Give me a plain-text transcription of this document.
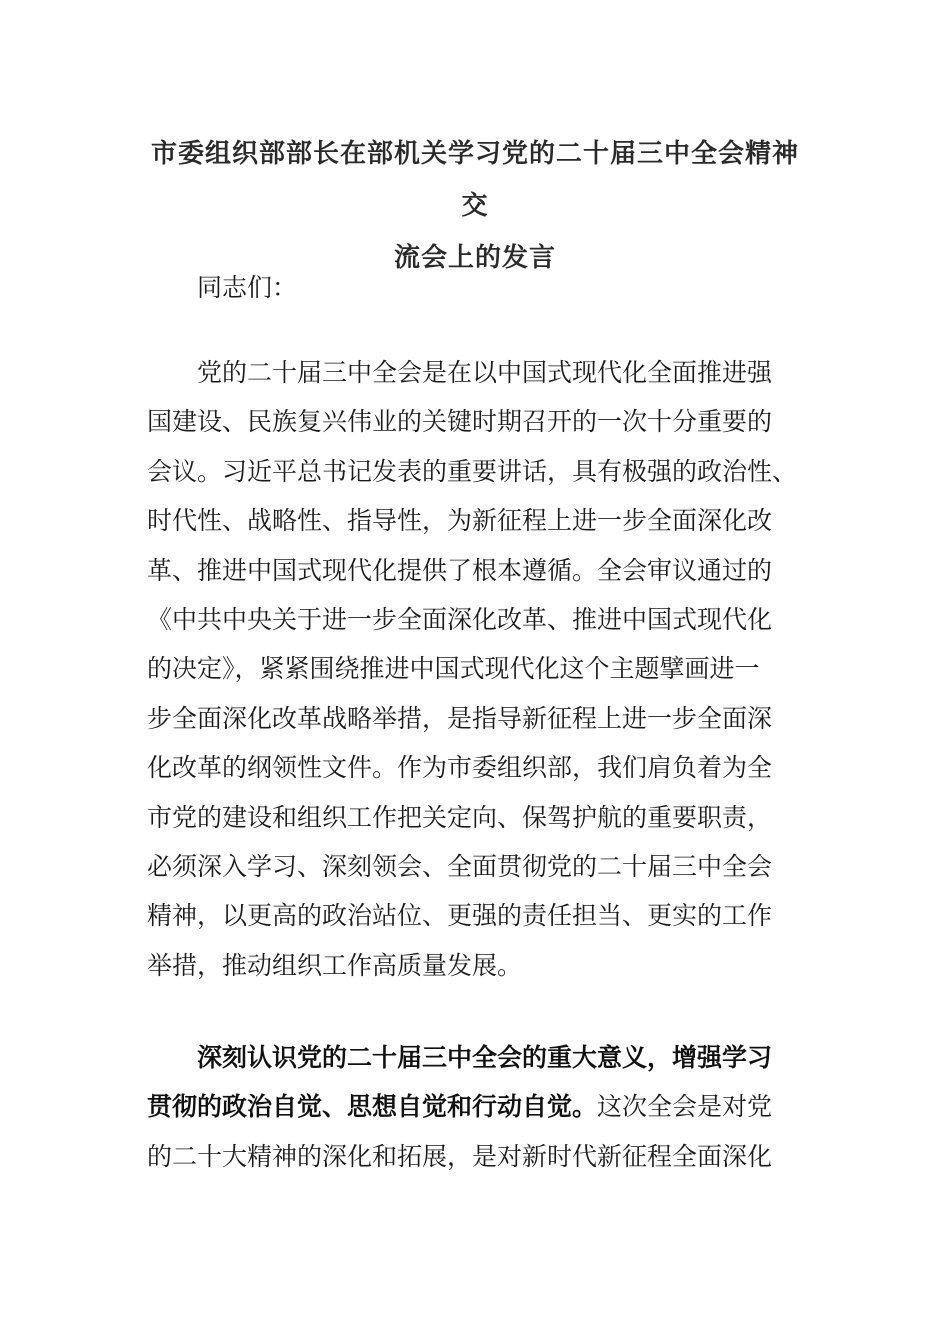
市委组织部部长在部机关学习党的二十届三中全会精神交
流会上的发言
同志们：
党的二十届三中全会是在以中国式现代化全面推进强
国建设、民族复兴伟业的关键时期召开的一次十分重要的
会议。习近平总书记发表的重要讲话，具有极强的政治性、
时代性、战略性、指导性，为新征程上进一步全面深化改
革、推进中国式现代化提供了根本遵循。全会审议通过的
《中共中央关于进一步全面深化改革、推进中国式现代化
的决定》，紧紧围绕推进中国式现代化这个主题擘画进一
步全面深化改革战略举措，是指导新征程上进一步全面深
化改革的纲领性文件。作为市委组织部，我们肩负着为全
市党的建设和组织工作把关定向、保驾护航的重要职责，
必须深入学习、深刻领会、全面贯彻党的二十届三中全会
精神，以更高的政治站位、更强的责任担当、更实的工作
举措，推动组织工作高质量发展。
深刻认识党的二十届三中全会的重大意义，增强学习
贯彻的政治自觉、思想自觉和行动自觉。这次全会是对党
的二十大精神的深化和拓展，是对新时代新征程全面深化
